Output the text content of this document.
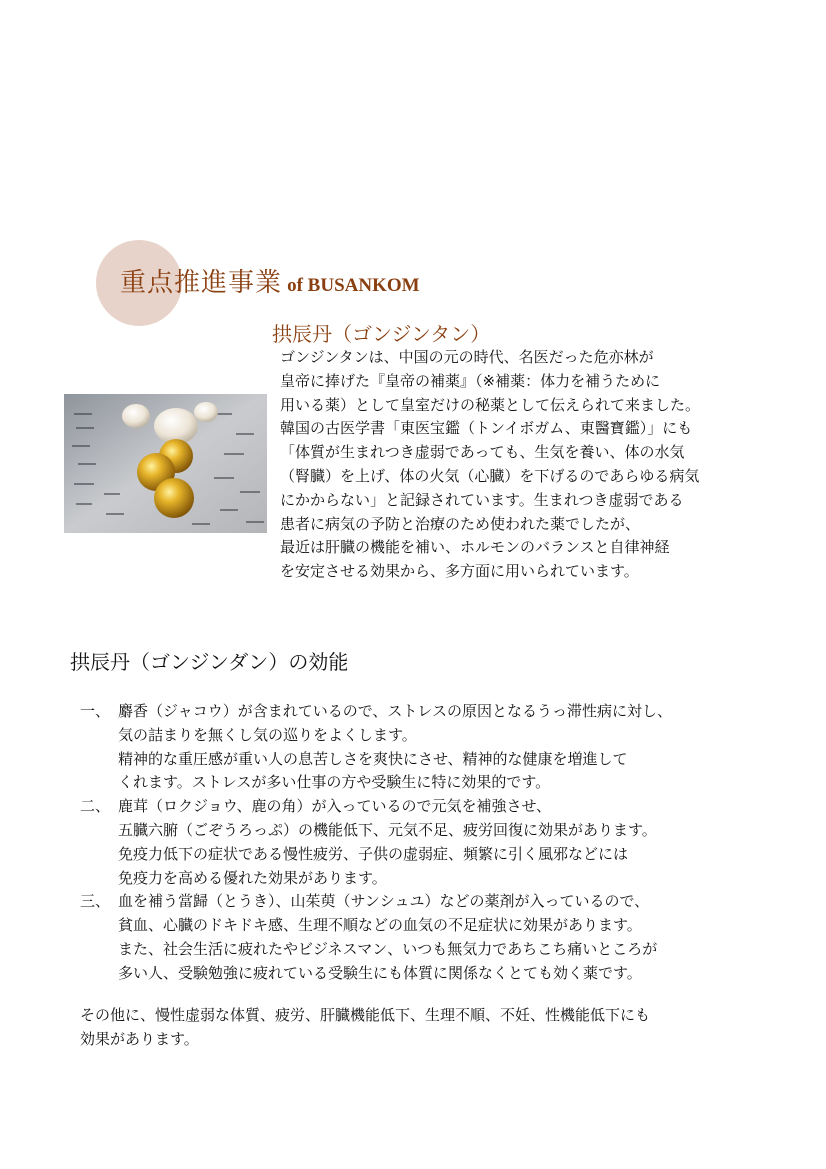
重点推進事業 of BUSANKOM
拱辰丹（ゴンジンタン）

ゴンジンタンは、中国の元の時代、名医だった危亦林が

皇帝に捧げた『皇帝の補薬』（※補薬：体力を補うために

用いる薬）として皇室だけの秘薬として伝えられて来ました。

韓国の古医学書「東医宝鑑（トンイボガム、東醫寶鑑）」にも

「体質が生まれつき虚弱であっても、生気を養い、体の水気

（腎臓）を上げ、体の火気（心臓）を下げるのであらゆる病気

にかからない」と記録されています。生まれつき虚弱である

患者に病気の予防と治療のため使われた薬でしたが、

最近は肝臓の機能を補い、ホルモンのバランスと自律神経

を安定させる効果から、多方面に用いられています。

拱辰丹（ゴンジンダン）の効能
一、 麝香（ジャコウ）が含まれているので、ストレスの原因となるうっ滞性病に対し、

気の詰まりを無くし気の巡りをよくします。

精神的な重圧感が重い人の息苦しさを爽快にさせ、精神的な健康を増進して

くれます。ストレスが多い仕事の方や受験生に特に効果的です。

二、 鹿茸（ロクジョウ、鹿の角）が入っているので元気を補強させ、

五臓六腑（ごぞうろっぷ）の機能低下、元気不足、疲労回復に効果があります。

免疫力低下の症状である慢性疲労、子供の虚弱症、頻繁に引く風邪などには

免疫力を高める優れた効果があります。

三、 血を補う當歸（とうき）、山茱萸（サンシュユ）などの薬剤が入っているので、

貧血、心臓のドキドキ感、生理不順などの血気の不足症状に効果があります。

また、社会生活に疲れたやビジネスマン、いつも無気力であちこち痛いところが

多い人、受験勉強に疲れている受験生にも体質に関係なくとても効く薬です。

その他に、慢性虚弱な体質、疲労、肝臓機能低下、生理不順、不妊、性機能低下にも

効果があります。
